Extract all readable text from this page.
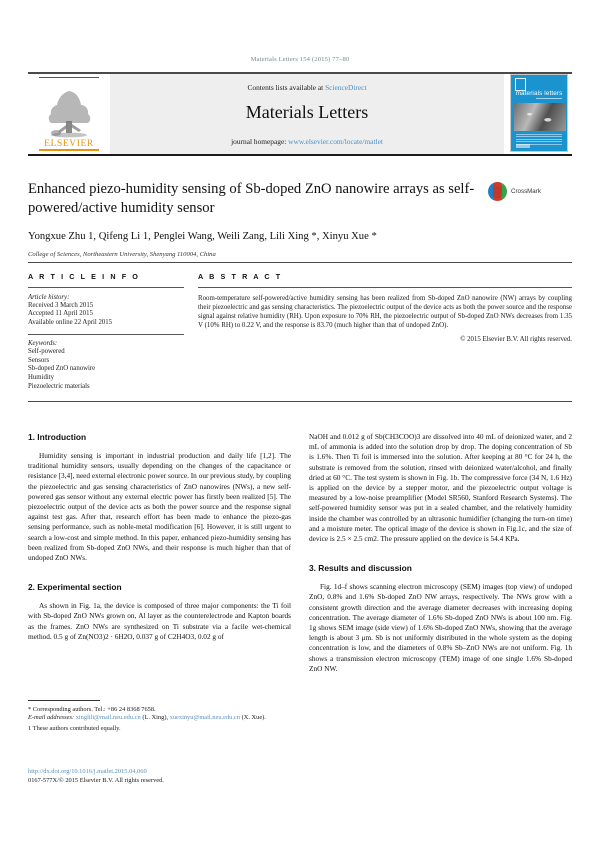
Materials Letters 154 (2015) 77–80
ELSEVIER
Contents lists available at ScienceDirect
Materials Letters
journal homepage: www.elsevier.com/locate/matlet
materials letters
Enhanced piezo-humidity sensing of Sb-doped ZnO nanowire arrays as self-powered/active humidity sensor
CrossMark
Yongxue Zhu 1, Qifeng Li 1, Penglei Wang, Weili Zang, Lili Xing *, Xinyu Xue *
College of Sciences, Northeastern University, Shenyang 110004, China
A R T I C L E I N F O
Article history:
Received 3 March 2015
Accepted 11 April 2015
Available online 22 April 2015
Keywords:
Self-powered
Sensors
Sb-doped ZnO nanowire
Humidity
Piezoelectric materials
A B S T R A C T
Room-temperature self-powered/active humidity sensing has been realized from Sb-doped ZnO nanowire (NW) arrays by coupling their piezoelectric and gas sensing characteristics. The piezoelectric output of the device acts as both the power source and the response signal against relative humidity (RH). Upon exposure to 70% RH, the piezoelectric output of Sb-doped ZnO NWs decreases from 1.35 V (10% RH) to 0.22 V, and the response is 83.70 (much higher than that of undoped ZnO).
© 2015 Elsevier B.V. All rights reserved.
1. Introduction

Humidity sensing is important in industrial production and daily life [1,2]. The traditional humidity sensors, usually depending on the changes of the capacitance or resistance [3,4], need external electronic power source. In our previous study, by coupling the piezoelectric and gas sensing characteristics of ZnO nanowires (NWs), a new self-powered gas sensor without any external electric power has firstly been realized [5]. The piezoelectric output of the device acts as both the power source and the response signal against test gas. After that, research effort has been made to enhance the piezo-gas sensing performance, such as noble-metal modification [6]. However, it is still urgent to search a low-cost and simple method. In this paper, enhanced piezo-humidity sensing has been realized from Sb-doped ZnO NWs, and their response is much higher than that of undoped ZnO NWs.

2. Experimental section

As shown in Fig. 1a, the device is composed of three major components: the Ti foil with Sb-doped ZnO NWs grown on, Al layer as the counterelectrode and Kapton boards as the frames. ZnO NWs are synthesized on Ti substrate via a facile wet-chemical method. 0.5 g of Zn(NO3)2 · 6H2O, 0.037 g of C2H4O3, 0.02 g of

NaOH and 0.012 g of Sb(CH3COO)3 are dissolved into 40 mL of deionized water, and 2 mL of ammonia is added into the solution drop by drop. The doping concentration of Sb is 1.6%. Then Ti foil is immersed into the solution. After keeping at 80 °C for 24 h, the substrate is removed from the solution, rinsed with deionized water/alcohol, and finally dried at 60 °C. The test system is shown in Fig. 1b. The compressive force (34 N, 1.6 Hz) is applied on the device by a stepper motor, and the piezoelectric output voltage is measured by a low-noise preamplifier (Model SR560, Stanford Research Systems). The self-powered humidity sensor was put in a sealed chamber, and the relatively humidity inside the chamber was controlled by an ultrasonic humidifier (changing the turn-on time) and a moisture meter. The optical image of the device is shown in Fig.1c, and the size of device is 2.5 × 2.5 cm2. The pressure applied on the device is 54.4 KPa.

3. Results and discussion

Fig. 1d–f shows scanning electron microscopy (SEM) images (top view) of undoped ZnO, 0.8% and 1.6% Sb-doped ZnO NW arrays, respectively. The NWs grow with a consistent growth direction and the average diameter decreases with increasing doping concentration. The average diameter of 1.6% Sb-doped ZnO NWs is about 100 nm. Fig. 1g shows SEM image (side view) of 1.6% Sb-doped ZnO NWs, showing that the average length is about 3 μm. Sb is not uniformly distributed in the whole system as the doping concentration is low, and the diameters of 0.8% Sb–ZnO NWs are not uniform. Fig. 1h shows a transmission electron microscopy (TEM) image of one single 1.6% Sb-doped ZnO NW.

* Corresponding authors. Tel.: +86 24 8368 7658.
E-mail addresses: xinglili@mail.neu.edu.cn (L. Xing), xuexinyu@mail.neu.edu.cn (X. Xue).
1 These authors contributed equally.
http://dx.doi.org/10.1016/j.matlet.2015.04.060
0167-577X/© 2015 Elsevier B.V. All rights reserved.
